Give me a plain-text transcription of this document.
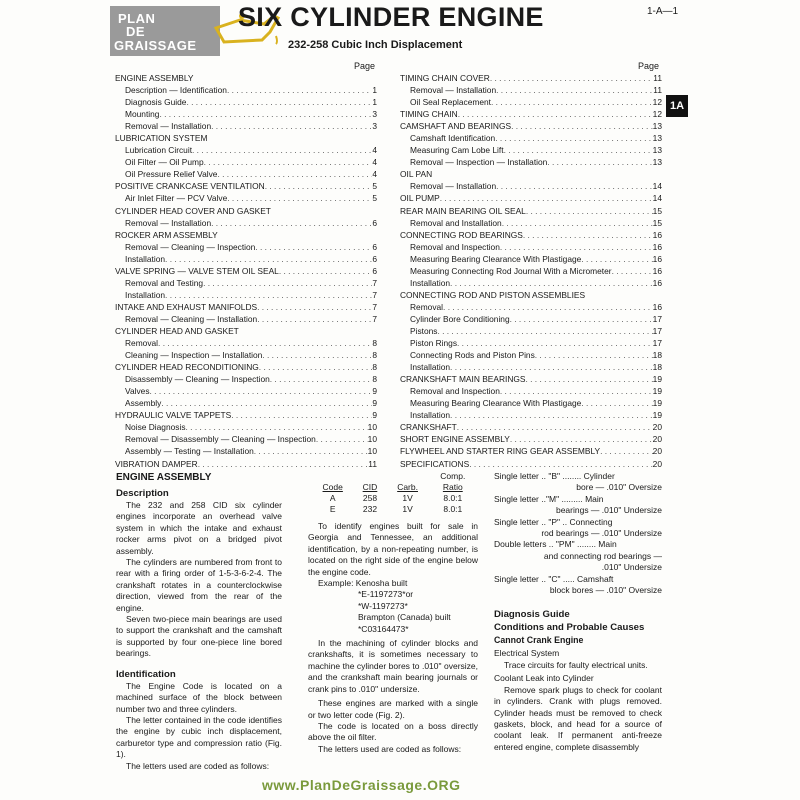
PLAN
DE
GRAISSAGE
SIX CYLINDER ENGINE
232-258 Cubic Inch Displacement
1-A—1
1A
Page	Page
ENGINE ASSEMBLY
Description — Identification . . .	1
Diagnosis Guide . . .	1
Mounting . . .	3
Removal — Installation . . .	3
LUBRICATION SYSTEM
Lubrication Circuit . . .	4
Oil Filter — Oil Pump . . .	4
Oil Pressure Relief Valve . . .	4
POSITIVE CRANKCASE VENTILATION . . .	5
Air Inlet Filter — PCV Valve . . .	5
CYLINDER HEAD COVER AND GASKET
Removal — Installation . . .	6
ROCKER ARM ASSEMBLY
Removal — Cleaning — Inspection . . .	6
Installation . . .	6
VALVE SPRING — VALVE STEM OIL SEAL . . .	6
Removal and Testing . . .	7
Installation . . .	7
INTAKE AND EXHAUST MANIFOLDS . . .	7
Removal — Cleaning — Installation . . .	7
CYLINDER HEAD AND GASKET
Removal . . .	8
Cleaning — Inspection — Installation . . .	8
CYLINDER HEAD RECONDITIONING . . .	8
Disassembly — Cleaning — Inspection . . .	8
Valves . . .	9
Assembly . . .	9
HYDRAULIC VALVE TAPPETS . . .	9
Noise Diagnosis . . .	10
Removal — Disassembly — Cleaning — Inspection . . .	10
Assembly — Testing — Installation . . .	10
VIBRATION DAMPER . . .	11
TIMING CHAIN COVER . . .	11
Removal — Installation . . .	11
Oil Seal Replacement . . .	12
TIMING CHAIN . . .	12
CAMSHAFT AND BEARINGS . . .	13
Camshaft Identification . . .	13
Measuring Cam Lobe Lift . . .	13
Removal — Inspection — Installation . . .	13
OIL PAN
Removal — Installation . . .	14
OIL PUMP . . .	14
REAR MAIN BEARING OIL SEAL . . .	15
Removal and Installation . . .	15
CONNECTING ROD BEARINGS . . .	16
Removal and Inspection . . .	16
Measuring Bearing Clearance With Plastigage . . .	16
Measuring Connecting Rod Journal With a Micrometer . . .	16
Installation . . .	16
CONNECTING ROD AND PISTON ASSEMBLIES
Removal . . .	16
Cylinder Bore Conditioning . . .	17
Pistons . . .	17
Piston Rings . . .	17
Connecting Rods and Piston Pins . . .	18
Installation . . .	18
CRANKSHAFT MAIN BEARINGS . . .	19
Removal and Inspection . . .	19
Measuring Bearing Clearance With Plastigage . . .	19
Installation . . .	19
CRANKSHAFT . . .	20
SHORT ENGINE ASSEMBLY . . .	20
FLYWHEEL AND STARTER RING GEAR ASSEMBLY . . .	20
SPECIFICATIONS . . .	20
ENGINE ASSEMBLY
Description

The 232 and 258 CID six cylinder engines incorporate an overhead valve system in which the intake and exhaust rocker arms pivot on a bridged pivot assembly.

The cylinders are numbered from front to rear with a firing order of 1-5-3-6-2-4. The crankshaft rotates in a counterclockwise direction, viewed from the rear of the engine.

Seven two-piece main bearings are used to support the crankshaft and the camshaft is supported by four one-piece line bored bearings.

Identification

The Engine Code is located on a machined surface of the block between number two and three cylinders.

The letter contained in the code identifies the engine by cubic inch displacement, carburetor type and compression ratio (Fig. 1).

The letters used are coded as follows:

			Comp.
Code	CID	Carb.	Ratio
A	258	1V	8.0:1
E	232	1V	8.0:1

To identify engines built for sale in Georgia and Tennessee, an additional identification, by a non-repeating number, is located on the right side of the engine below the engine code.

Example: Kenosha built

*E-1197273*or

*W-1197273*

Brampton (Canada) built

*C03164473*

In the machining of cylinder blocks and crankshafts, it is sometimes necessary to machine the cylinder bores to .010" oversize, and the crankshaft main bearing journals or crank pins to .010" undersize.

These engines are marked with a single or two letter code (Fig. 2).

The code is located on a boss directly above the oil filter.

The letters used are coded as follows:

Single letter .. "B" ........ Cylinder

bore — .010" Oversize

Single letter .."M" ......... Main

bearings — .010" Undersize

Single letter .. "P" .. Connecting

rod bearings — .010" Undersize

Double letters .. "PM" ........ Main

and connecting rod bearings —

.010" Undersize

Single letter .. "C" ..... Camshaft

block bores — .010" Oversize

Diagnosis Guide
Conditions and Probable Causes
Cannot Crank Engine

Electrical System

Trace circuits for faulty electrical units.

Coolant Leak into Cylinder

Remove spark plugs to check for coolant in cylinders. Crank with plugs removed. Cylinder heads must be removed to check gaskets, block, and head for a source of coolant leak. If permanent anti-freeze entered engine, complete disassembly

www.PlanDeGraissage.ORG
